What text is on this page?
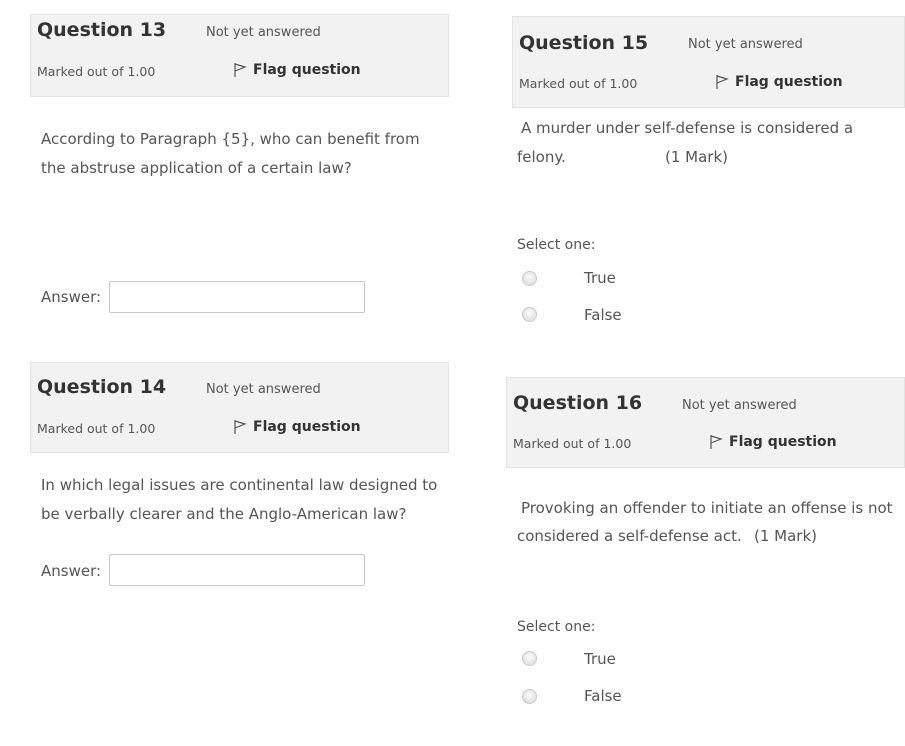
Question 13	Not yet answered
Marked out of 1.00	Flag question
According to Paragraph {5}, who can benefit from the abstruse application of a certain law?
Answer:
Question 14	Not yet answered
Marked out of 1.00	Flag question
In which legal issues are continental law designed to be verbally clearer and the Anglo-American law?
Answer:
Question 15	Not yet answered
Marked out of 1.00	Flag question
A murder under self-defense is considered a
felony.	(1 Mark)
Select one:
True
False
Question 16	Not yet answered
Marked out of 1.00	Flag question
Provoking an offender to initiate an offense is not
considered a self-defense act. (1 Mark)
Select one:
True
False
